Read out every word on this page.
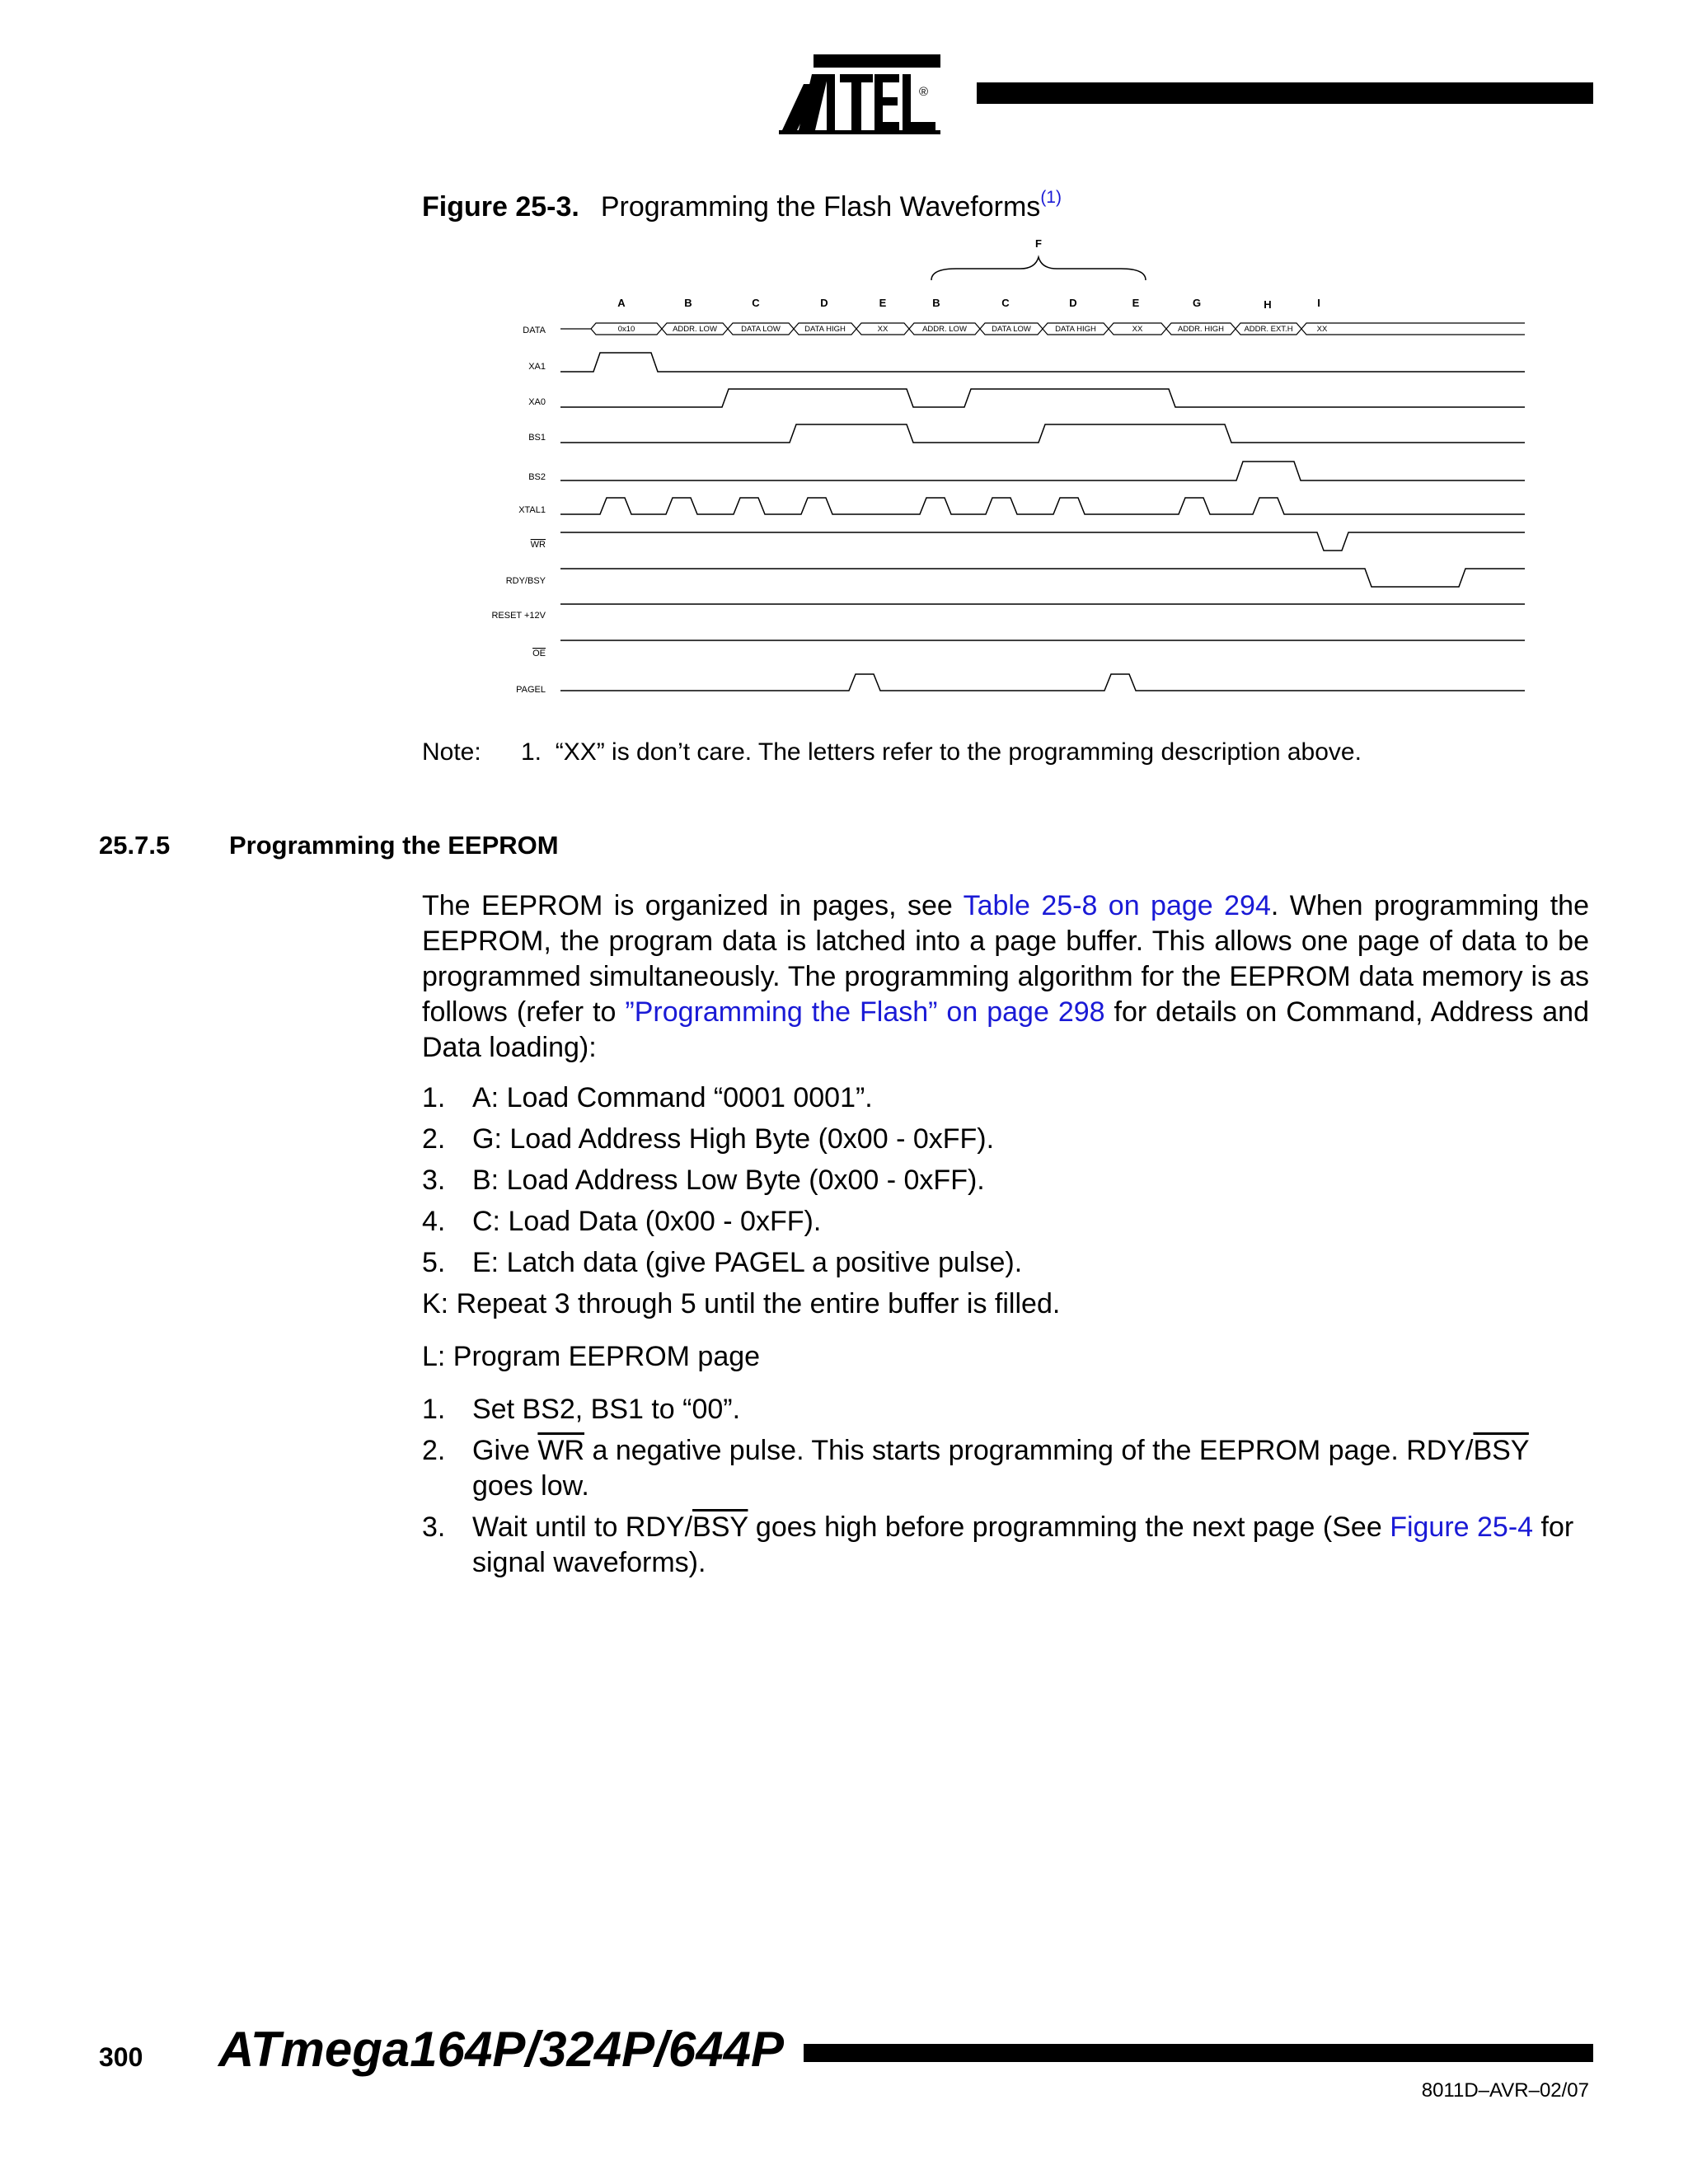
®
Figure 25-3. Programming the Flash Waveforms$^{(1)}$
DATA
XA1
XA0
BS1
BS2
XTAL1
WR
RDY/BSY
RESET +12V
OE
PAGEL
F
A	B	C	D	E	B	C	D	E	G	H	I
0x10	ADDR. LOW	DATA LOW	DATA HIGH	XX	ADDR. LOW	DATA LOW	DATA HIGH	XX	ADDR. HIGH	ADDR. EXT.H	XX
Note: 1. “XX” is don’t care. The letters refer to the programming description above.
25.7.5 Programming the EEPROM

The EEPROM is organized in pages, see Table 25-8 on page 294. When programming the EEPROM, the program data is latched into a page buffer. This allows one page of data to be programmed simultaneously. The programming algorithm for the EEPROM data memory is as follows (refer to ”Programming the Flash” on page 298 for details on Command, Address and Data loading):

1. A: Load Command “0001 0001”.
2. G: Load Address High Byte (0x00 - 0xFF).
3. B: Load Address Low Byte (0x00 - 0xFF).
4. C: Load Data (0x00 - 0xFF).
5. E: Latch data (give PAGEL a positive pulse).
K: Repeat 3 through 5 until the entire buffer is filled.
L: Program EEPROM page
1. Set BS2, BS1 to “00”.
2. Give $\overline{WR}$ a negative pulse. This starts programming of the EEPROM page. RDY/$\overline{BSY}$ goes low.
3. Wait until to RDY/$\overline{BSY}$ goes high before programming the next page (See Figure 25-4 for signal waveforms).
300 ATmega164P/324P/644P
8011D–AVR–02/07
